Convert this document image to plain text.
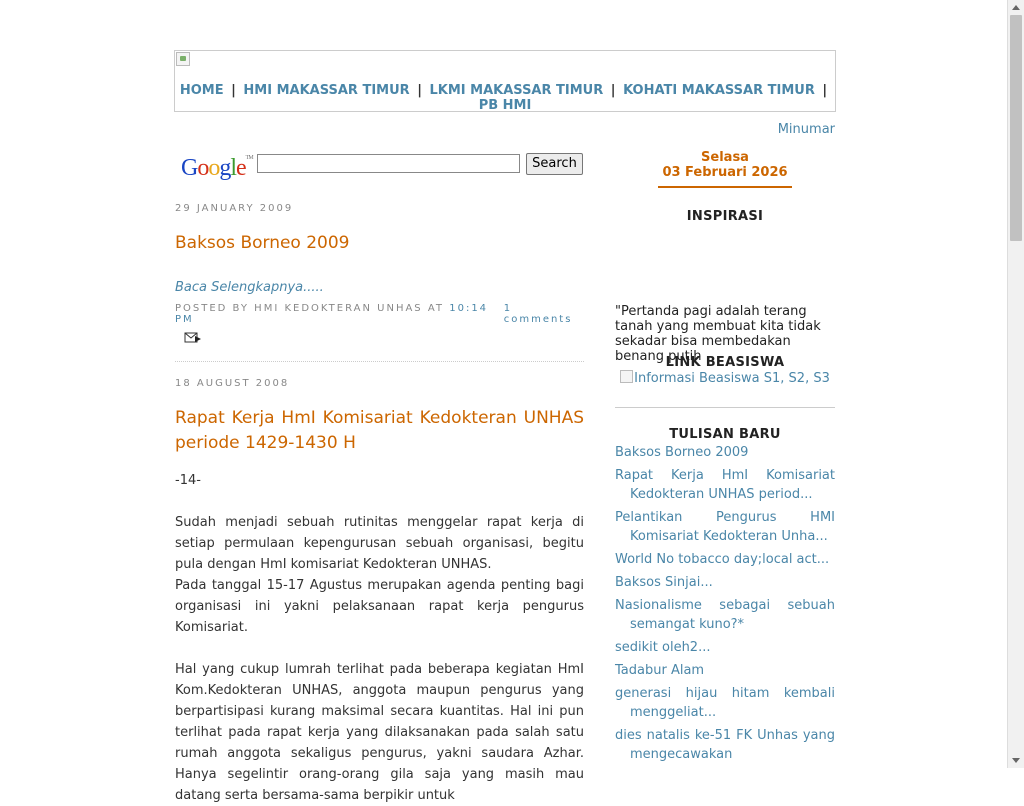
HOME | HMI MAKASSAR TIMUR | LKMI MAKASSAR TIMUR | KOHATI MAKASSAR TIMUR | PB HMI
Minumar
Google™	Search
29 JANUARY 2009
Baksos Borneo 2009
Baca Selengkapnya.....
POSTED BY HMI KEDOKTERAN UNHAS AT 10:14 PM
1 comments
18 AUGUST 2008
Rapat Kerja HmI Komisariat Kedokteran UNHAS periode 1429-1430 H
-14-
Sudah menjadi sebuah rutinitas menggelar rapat kerja di setiap permulaan kepengurusan sebuah organisasi, begitu pula dengan HmI komisariat Kedokteran UNHAS.
Pada tanggal 15-17 Agustus merupakan agenda penting bagi organisasi ini yakni pelaksanaan rapat kerja pengurus Komisariat.
Hal yang cukup lumrah terlihat pada beberapa kegiatan HmI Kom.Kedokteran UNHAS, anggota maupun pengurus yang berpartisipasi kurang maksimal secara kuantitas. Hal ini pun terlihat pada rapat kerja yang dilaksanakan pada salah satu rumah anggota sekaligus pengurus, yakni saudara Azhar. Hanya segelintir orang-orang gila saja yang masih mau datang serta bersama-sama berpikir untuk
Selasa
03 Februari 2026
INSPIRASI
"Pertanda pagi adalah terang tanah yang membuat kita tidak sekadar bisa membedakan benang putih
LINK BEASISWA
Informasi Beasiswa S1, S2, S3
TULISAN BARU
Baksos Borneo 2009
Rapat Kerja HmI Komisariat Kedokteran UNHAS period...
Pelantikan Pengurus HMI Komisariat Kedokteran Unha...
World No tobacco day;local act...
Baksos Sinjai...
Nasionalisme sebagai sebuah semangat kuno?*
sedikit oleh2...
Tadabur Alam
generasi hijau hitam kembali menggeliat...
dies natalis ke-51 FK Unhas yang mengecawakan
